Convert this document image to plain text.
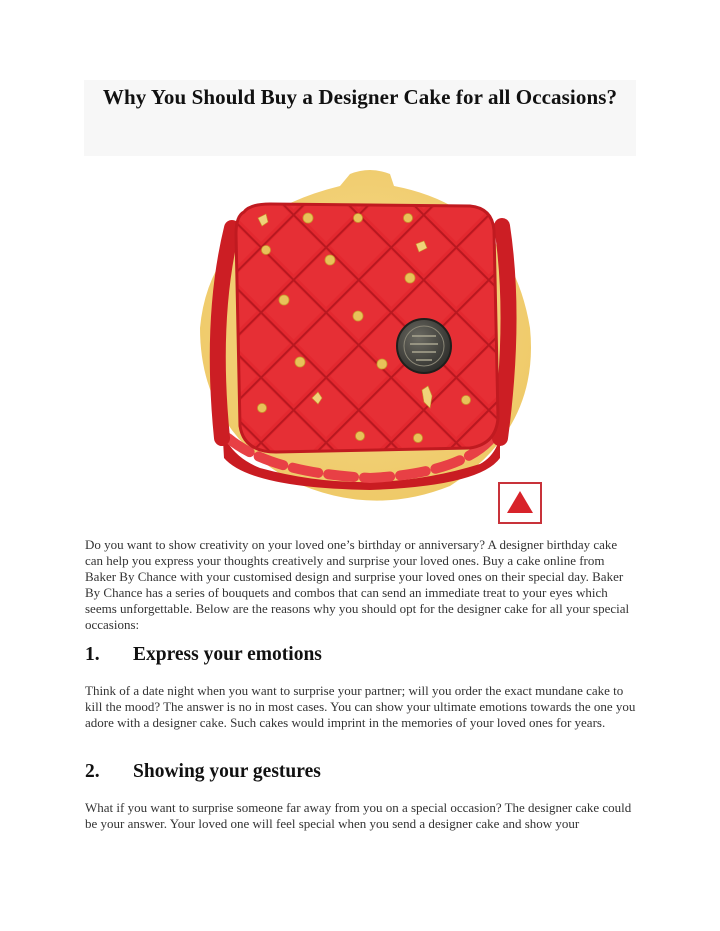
Why You Should Buy a Designer Cake for all Occasions?

Do you want to show creativity on your loved one’s birthday or anniversary? A designer birthday cake can help you express your thoughts creatively and surprise your loved ones. Buy a cake online from Baker By Chance with your customised design and surprise your loved ones on their special day. Baker By Chance has a series of bouquets and combos that can send an immediate treat to your eyes which seems unforgettable. Below are the reasons why you should opt for the designer cake for all your special occasions:

1.	Express your emotions

Think of a date night when you want to surprise your partner; will you order the exact mundane cake to kill the mood? The answer is no in most cases. You can show your ultimate emotions towards the one you adore with a designer cake. Such cakes would imprint in the memories of your loved ones for years.

2.	Showing your gestures

What if you want to surprise someone far away from you on a special occasion? The designer cake could be your answer. Your loved one will feel special when you send a designer cake and show your
